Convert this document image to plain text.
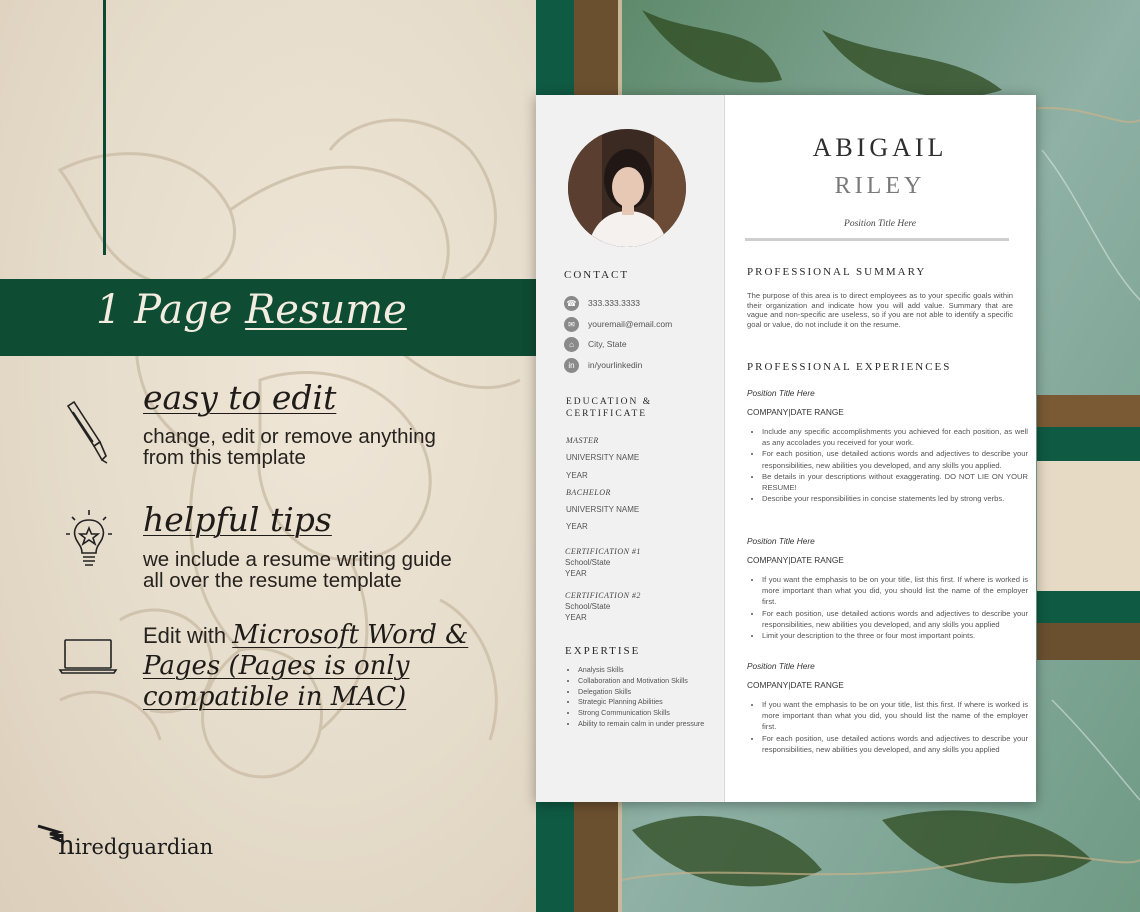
1 Page Resume
easy to edit
change, edit or remove anything
from this template
helpful tips
we include a resume writing guide
all over the resume template
Edit with Microsoft Word & Pages (Pages is only compatible in MAC)
hiredguardian
CONTACT
☎ 333.333.3333
✉	youremail@email.com
⌂	City, State
in	in/yourlinkedin
EDUCATION &
CERTIFICATE
MASTER
UNIVERSITY NAME
YEAR
BACHELOR
UNIVERSITY NAME
YEAR
CERTIFICATION #1
School/State
YEAR
CERTIFICATION #2
School/State
YEAR
EXPERTISE
• Analysis Skills
• Collaboration and Motivation Skills
• Delegation Skills
• Strategic Planning Abilities
• Strong Communication Skills
• Ability to remain calm in under pressure
ABIGAIL
RILEY
Position Title Here
PROFESSIONAL SUMMARY
The purpose of this area is to direct employees as to your specific goals within their organization and indicate how you will add value. Summary that are vague and non-specific are useless, so if you are not able to identify a specific goal or value, do not include it on the resume.
PROFESSIONAL EXPERIENCES
Position Title Here
COMPANY|DATE RANGE
• Include any specific accomplishments you achieved for each position, as well as any accolades you received for your work.
• For each position, use detailed actions words and adjectives to describe your responsibilities, new abilities you developed, and any skills you applied.
• Be details in your descriptions without exaggerating. DO NOT LIE ON YOUR RESUME!
• Describe your responsibilities in concise statements led by strong verbs.
Position Title Here
COMPANY|DATE RANGE
• If you want the emphasis to be on your title, list this first. If where is worked is more important than what you did, you should list the name of the employer first.
• For each position, use detailed actions words and adjectives to describe your responsibilities, new abilities you developed, and any skills you applied
• Limit your description to the three or four most important points.
Position Title Here
COMPANY|DATE RANGE
• If you want the emphasis to be on your title, list this first. If where is worked is more important than what you did, you should list the name of the employer first.
• For each position, use detailed actions words and adjectives to describe your responsibilities, new abilities you developed, and any skills you applied
